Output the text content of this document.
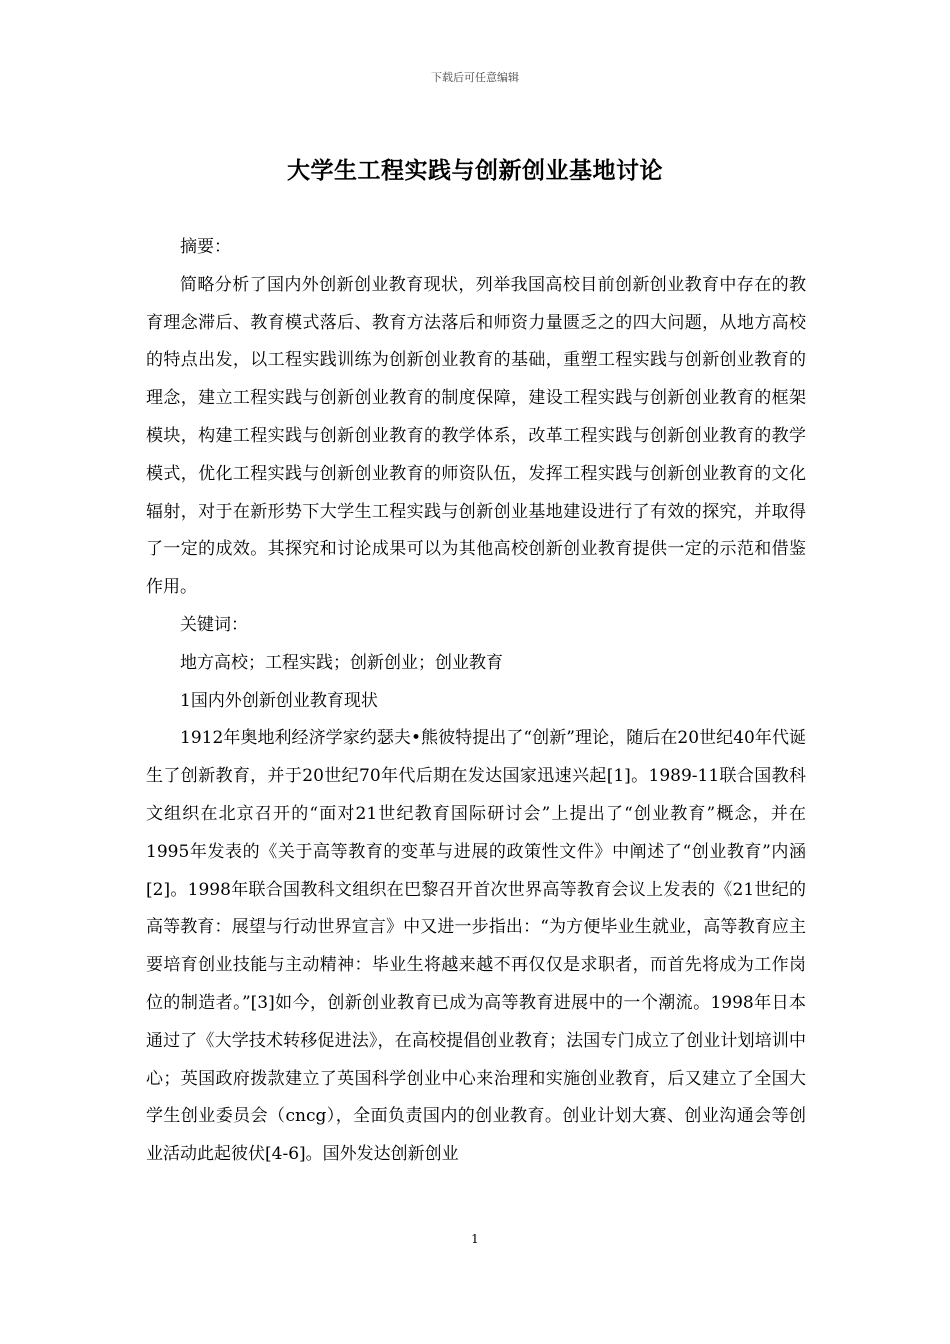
下载后可任意编辑
大学生工程实践与创新创业基地讨论

摘要：

简略分析了国内外创新创业教育现状，列举我国高校目前创新创业教育中存在的教育理念滞后、教育模式落后、教育方法落后和师资力量匮乏之的四大问题，从地方高校的特点出发，以工程实践训练为创新创业教育的基础，重塑工程实践与创新创业教育的理念，建立工程实践与创新创业教育的制度保障，建设工程实践与创新创业教育的框架模块，构建工程实践与创新创业教育的教学体系，改革工程实践与创新创业教育的教学模式，优化工程实践与创新创业教育的师资队伍，发挥工程实践与创新创业教育的文化辐射，对于在新形势下大学生工程实践与创新创业基地建设进行了有效的探究，并取得了一定的成效。其探究和讨论成果可以为其他高校创新创业教育提供一定的示范和借鉴作用。

关键词：

地方高校；工程实践；创新创业；创业教育

1国内外创新创业教育现状

1912年奥地利经济学家约瑟夫•熊彼特提出了“创新”理论，随后在20世纪40年代诞生了创新教育，并于20世纪70年代后期在发达国家迅速兴起[1]。1989-11联合国教科文组织在北京召开的“面对21世纪教育国际研讨会”上提出了“创业教育”概念，并在1995年发表的《关于高等教育的变革与进展的政策性文件》中阐述了“创业教育”内涵[2]。1998年联合国教科文组织在巴黎召开首次世界高等教育会议上发表的《21世纪的高等教育：展望与行动世界宣言》中又进一步指出：“为方便毕业生就业，高等教育应主要培育创业技能与主动精神：毕业生将越来越不再仅仅是求职者，而首先将成为工作岗位的制造者。”[3]如今，创新创业教育已成为高等教育进展中的一个潮流。1998年日本通过了《大学技术转移促进法》，在高校提倡创业教育；法国专门成立了创业计划培训中心；英国政府拨款建立了英国科学创业中心来治理和实施创业教育，后又建立了全国大学生创业委员会（cncg），全面负责国内的创业教育。创业计划大赛、创业沟通会等创业活动此起彼伏[4-6]。国外发达创新创业

1
